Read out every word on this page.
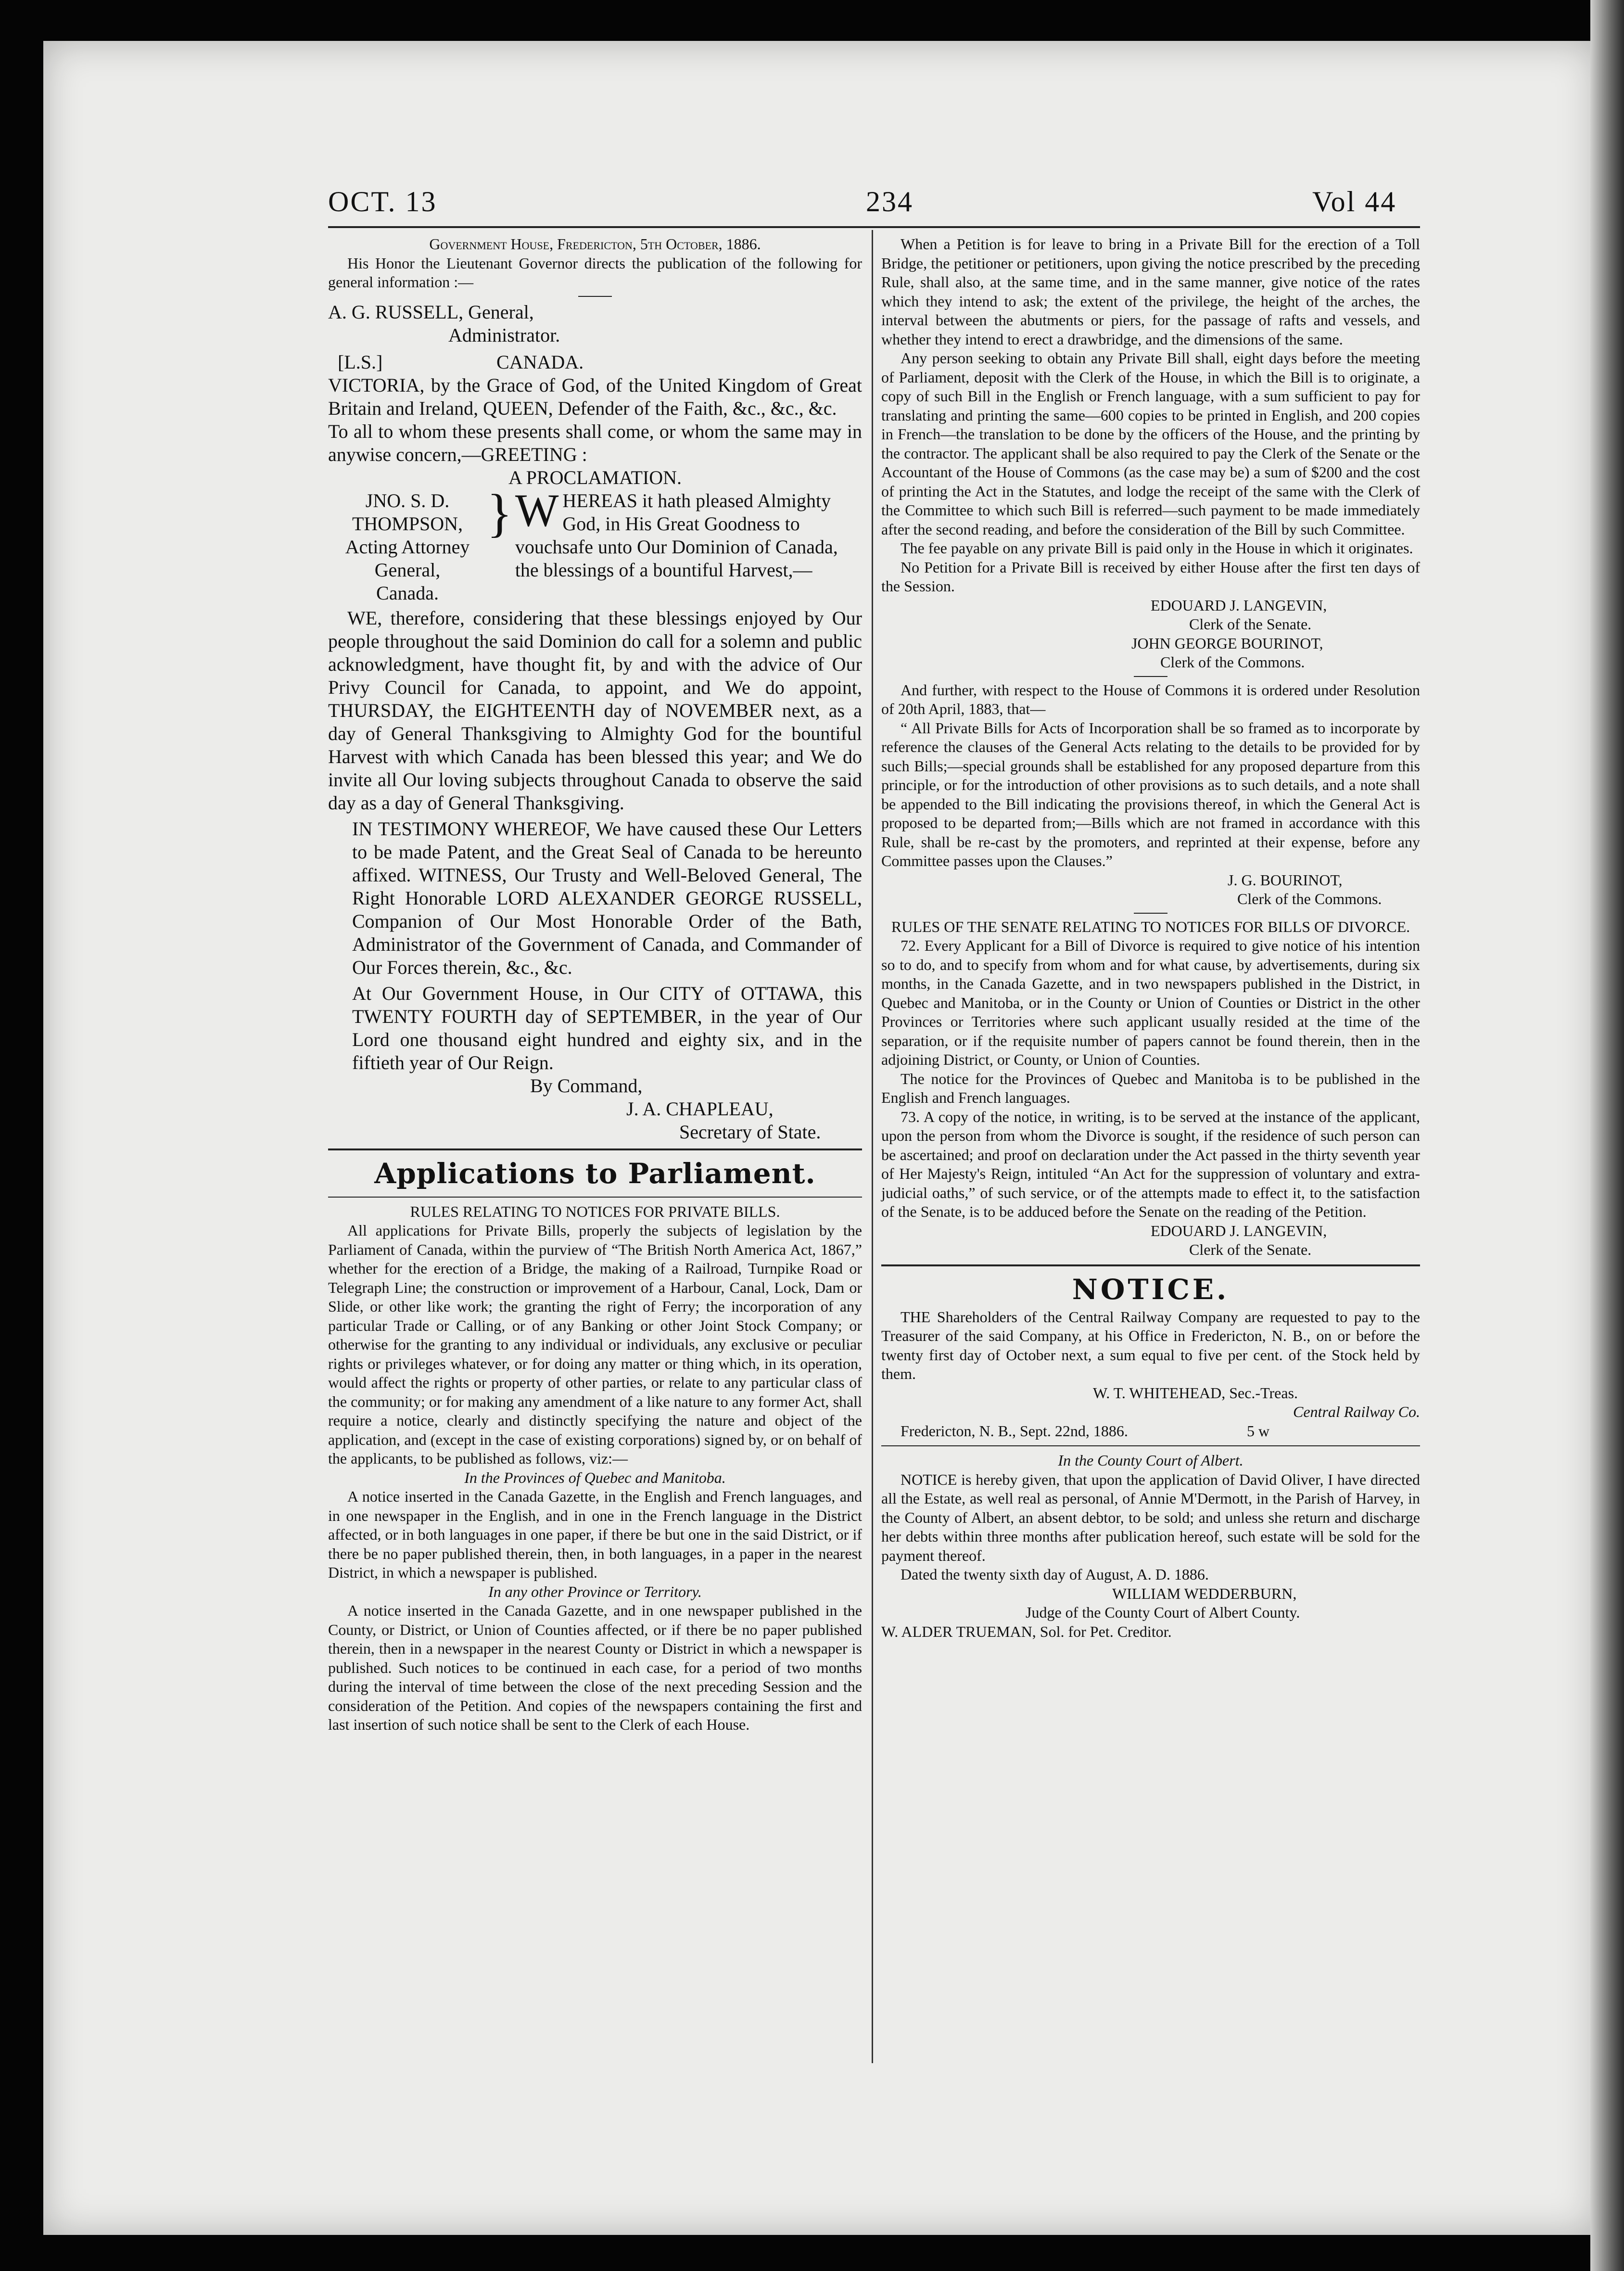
OCT. 13	234	Vol 44

Government House, Fredericton, 5th October, 1886.

His Honor the Lieutenant Governor directs the publication of the following for general information :—

A. G. RUSSELL, General,

Administrator.

[L.S.]	CANADA.

VICTORIA, by the Grace of God, of the United Kingdom of Great Britain and Ireland, QUEEN, Defender of the Faith, &c., &c., &c.

To all to whom these presents shall come, or whom the same may in anywise concern,—GREETING :

A PROCLAMATION.

JNO. S. D. THOMPSON,
Acting Attorney General,
Canada.
} W HEREAS it hath pleased Almighty God, in His Great Goodness to vouchsafe unto Our Dominion of Canada, the blessings of a bountiful Harvest,—

WE, therefore, considering that these blessings enjoyed by Our people throughout the said Dominion do call for a solemn and public acknowledgment, have thought fit, by and with the advice of Our Privy Council for Canada, to appoint, and We do appoint, THURSDAY, the EIGHTEENTH day of NOVEMBER next, as a day of General Thanksgiving to Almighty God for the bountiful Harvest with which Canada has been blessed this year; and We do invite all Our loving subjects throughout Canada to observe the said day as a day of General Thanksgiving.

IN TESTIMONY WHEREOF, We have caused these Our Letters to be made Patent, and the Great Seal of Canada to be hereunto affixed. WITNESS, Our Trusty and Well-Beloved General, The Right Honorable LORD ALEXANDER GEORGE RUSSELL, Companion of Our Most Honorable Order of the Bath, Administrator of the Government of Canada, and Commander of Our Forces therein, &c., &c.

At Our Government House, in Our CITY of OTTAWA, this TWENTY FOURTH day of SEPTEMBER, in the year of Our Lord one thousand eight hundred and eighty six, and in the fiftieth year of Our Reign.

By Command,

J. A. CHAPLEAU,

Secretary of State.

Applications to Parliament.

RULES RELATING TO NOTICES FOR PRIVATE BILLS.

All applications for Private Bills, properly the subjects of legislation by the Parliament of Canada, within the purview of “The British North America Act, 1867,” whether for the erection of a Bridge, the making of a Railroad, Turnpike Road or Telegraph Line; the construction or improvement of a Harbour, Canal, Lock, Dam or Slide, or other like work; the granting the right of Ferry; the incorporation of any particular Trade or Calling, or of any Banking or other Joint Stock Company; or otherwise for the granting to any individual or individuals, any exclusive or peculiar rights or privileges whatever, or for doing any matter or thing which, in its operation, would affect the rights or property of other parties, or relate to any particular class of the community; or for making any amendment of a like nature to any former Act, shall require a notice, clearly and distinctly specifying the nature and object of the application, and (except in the case of existing corporations) signed by, or on behalf of the applicants, to be published as follows, viz:—

In the Provinces of Quebec and Manitoba.

A notice inserted in the Canada Gazette, in the English and French languages, and in one newspaper in the English, and in one in the French language in the District affected, or in both languages in one paper, if there be but one in the said District, or if there be no paper published therein, then, in both languages, in a paper in the nearest District, in which a newspaper is published.

In any other Province or Territory.

A notice inserted in the Canada Gazette, and in one newspaper published in the County, or District, or Union of Counties affected, or if there be no paper published therein, then in a newspaper in the nearest County or District in which a newspaper is published. Such notices to be continued in each case, for a period of two months during the interval of time between the close of the next preceding Session and the consideration of the Petition. And copies of the newspapers containing the first and last insertion of such notice shall be sent to the Clerk of each House.

When a Petition is for leave to bring in a Private Bill for the erection of a Toll Bridge, the petitioner or petitioners, upon giving the notice prescribed by the preceding Rule, shall also, at the same time, and in the same manner, give notice of the rates which they intend to ask; the extent of the privilege, the height of the arches, the interval between the abutments or piers, for the passage of rafts and vessels, and whether they intend to erect a drawbridge, and the dimensions of the same.

Any person seeking to obtain any Private Bill shall, eight days before the meeting of Parliament, deposit with the Clerk of the House, in which the Bill is to originate, a copy of such Bill in the English or French language, with a sum sufficient to pay for translating and printing the same—600 copies to be printed in English, and 200 copies in French—the translation to be done by the officers of the House, and the printing by the contractor. The applicant shall be also required to pay the Clerk of the Senate or the Accountant of the House of Commons (as the case may be) a sum of $200 and the cost of printing the Act in the Statutes, and lodge the receipt of the same with the Clerk of the Committee to which such Bill is referred—such payment to be made immediately after the second reading, and before the consideration of the Bill by such Committee.

The fee payable on any private Bill is paid only in the House in which it originates.

No Petition for a Private Bill is received by either House after the first ten days of the Session.

EDOUARD J. LANGEVIN,

Clerk of the Senate.

JOHN GEORGE BOURINOT,

Clerk of the Commons.

And further, with respect to the House of Commons it is ordered under Resolution of 20th April, 1883, that—

“ All Private Bills for Acts of Incorporation shall be so framed as to incorporate by reference the clauses of the General Acts relating to the details to be provided for by such Bills;—special grounds shall be established for any proposed departure from this principle, or for the introduction of other provisions as to such details, and a note shall be appended to the Bill indicating the provisions thereof, in which the General Act is proposed to be departed from;—Bills which are not framed in accordance with this Rule, shall be re-cast by the promoters, and reprinted at their expense, before any Committee passes upon the Clauses.”

J. G. BOURINOT,

Clerk of the Commons.

RULES OF THE SENATE RELATING TO NOTICES FOR BILLS OF DIVORCE.

72. Every Applicant for a Bill of Divorce is required to give notice of his intention so to do, and to specify from whom and for what cause, by advertisements, during six months, in the Canada Gazette, and in two newspapers published in the District, in Quebec and Manitoba, or in the County or Union of Counties or District in the other Provinces or Territories where such applicant usually resided at the time of the separation, or if the requisite number of papers cannot be found therein, then in the adjoining District, or County, or Union of Counties.

The notice for the Provinces of Quebec and Manitoba is to be published in the English and French languages.

73. A copy of the notice, in writing, is to be served at the instance of the applicant, upon the person from whom the Divorce is sought, if the residence of such person can be ascertained; and proof on declaration under the Act passed in the thirty seventh year of Her Majesty's Reign, intituled “An Act for the suppression of voluntary and extra-judicial oaths,” of such service, or of the attempts made to effect it, to the satisfaction of the Senate, is to be adduced before the Senate on the reading of the Petition.

EDOUARD J. LANGEVIN,

Clerk of the Senate.

NOTICE.

THE Shareholders of the Central Railway Company are requested to pay to the Treasurer of the said Company, at his Office in Fredericton, N. B., on or before the twenty first day of October next, a sum equal to five per cent. of the Stock held by them.

W. T. WHITEHEAD, Sec.-Treas.

Central Railway Co.

Fredericton, N. B., Sept. 22nd, 1886.	5 w

In the County Court of Albert.

NOTICE is hereby given, that upon the application of David Oliver, I have directed all the Estate, as well real as personal, of Annie M'Dermott, in the Parish of Harvey, in the County of Albert, an absent debtor, to be sold; and unless she return and discharge her debts within three months after publication hereof, such estate will be sold for the payment thereof.

Dated the twenty sixth day of August, A. D. 1886.

WILLIAM WEDDERBURN,

Judge of the County Court of Albert County.

W. ALDER TRUEMAN, Sol. for Pet. Creditor.
